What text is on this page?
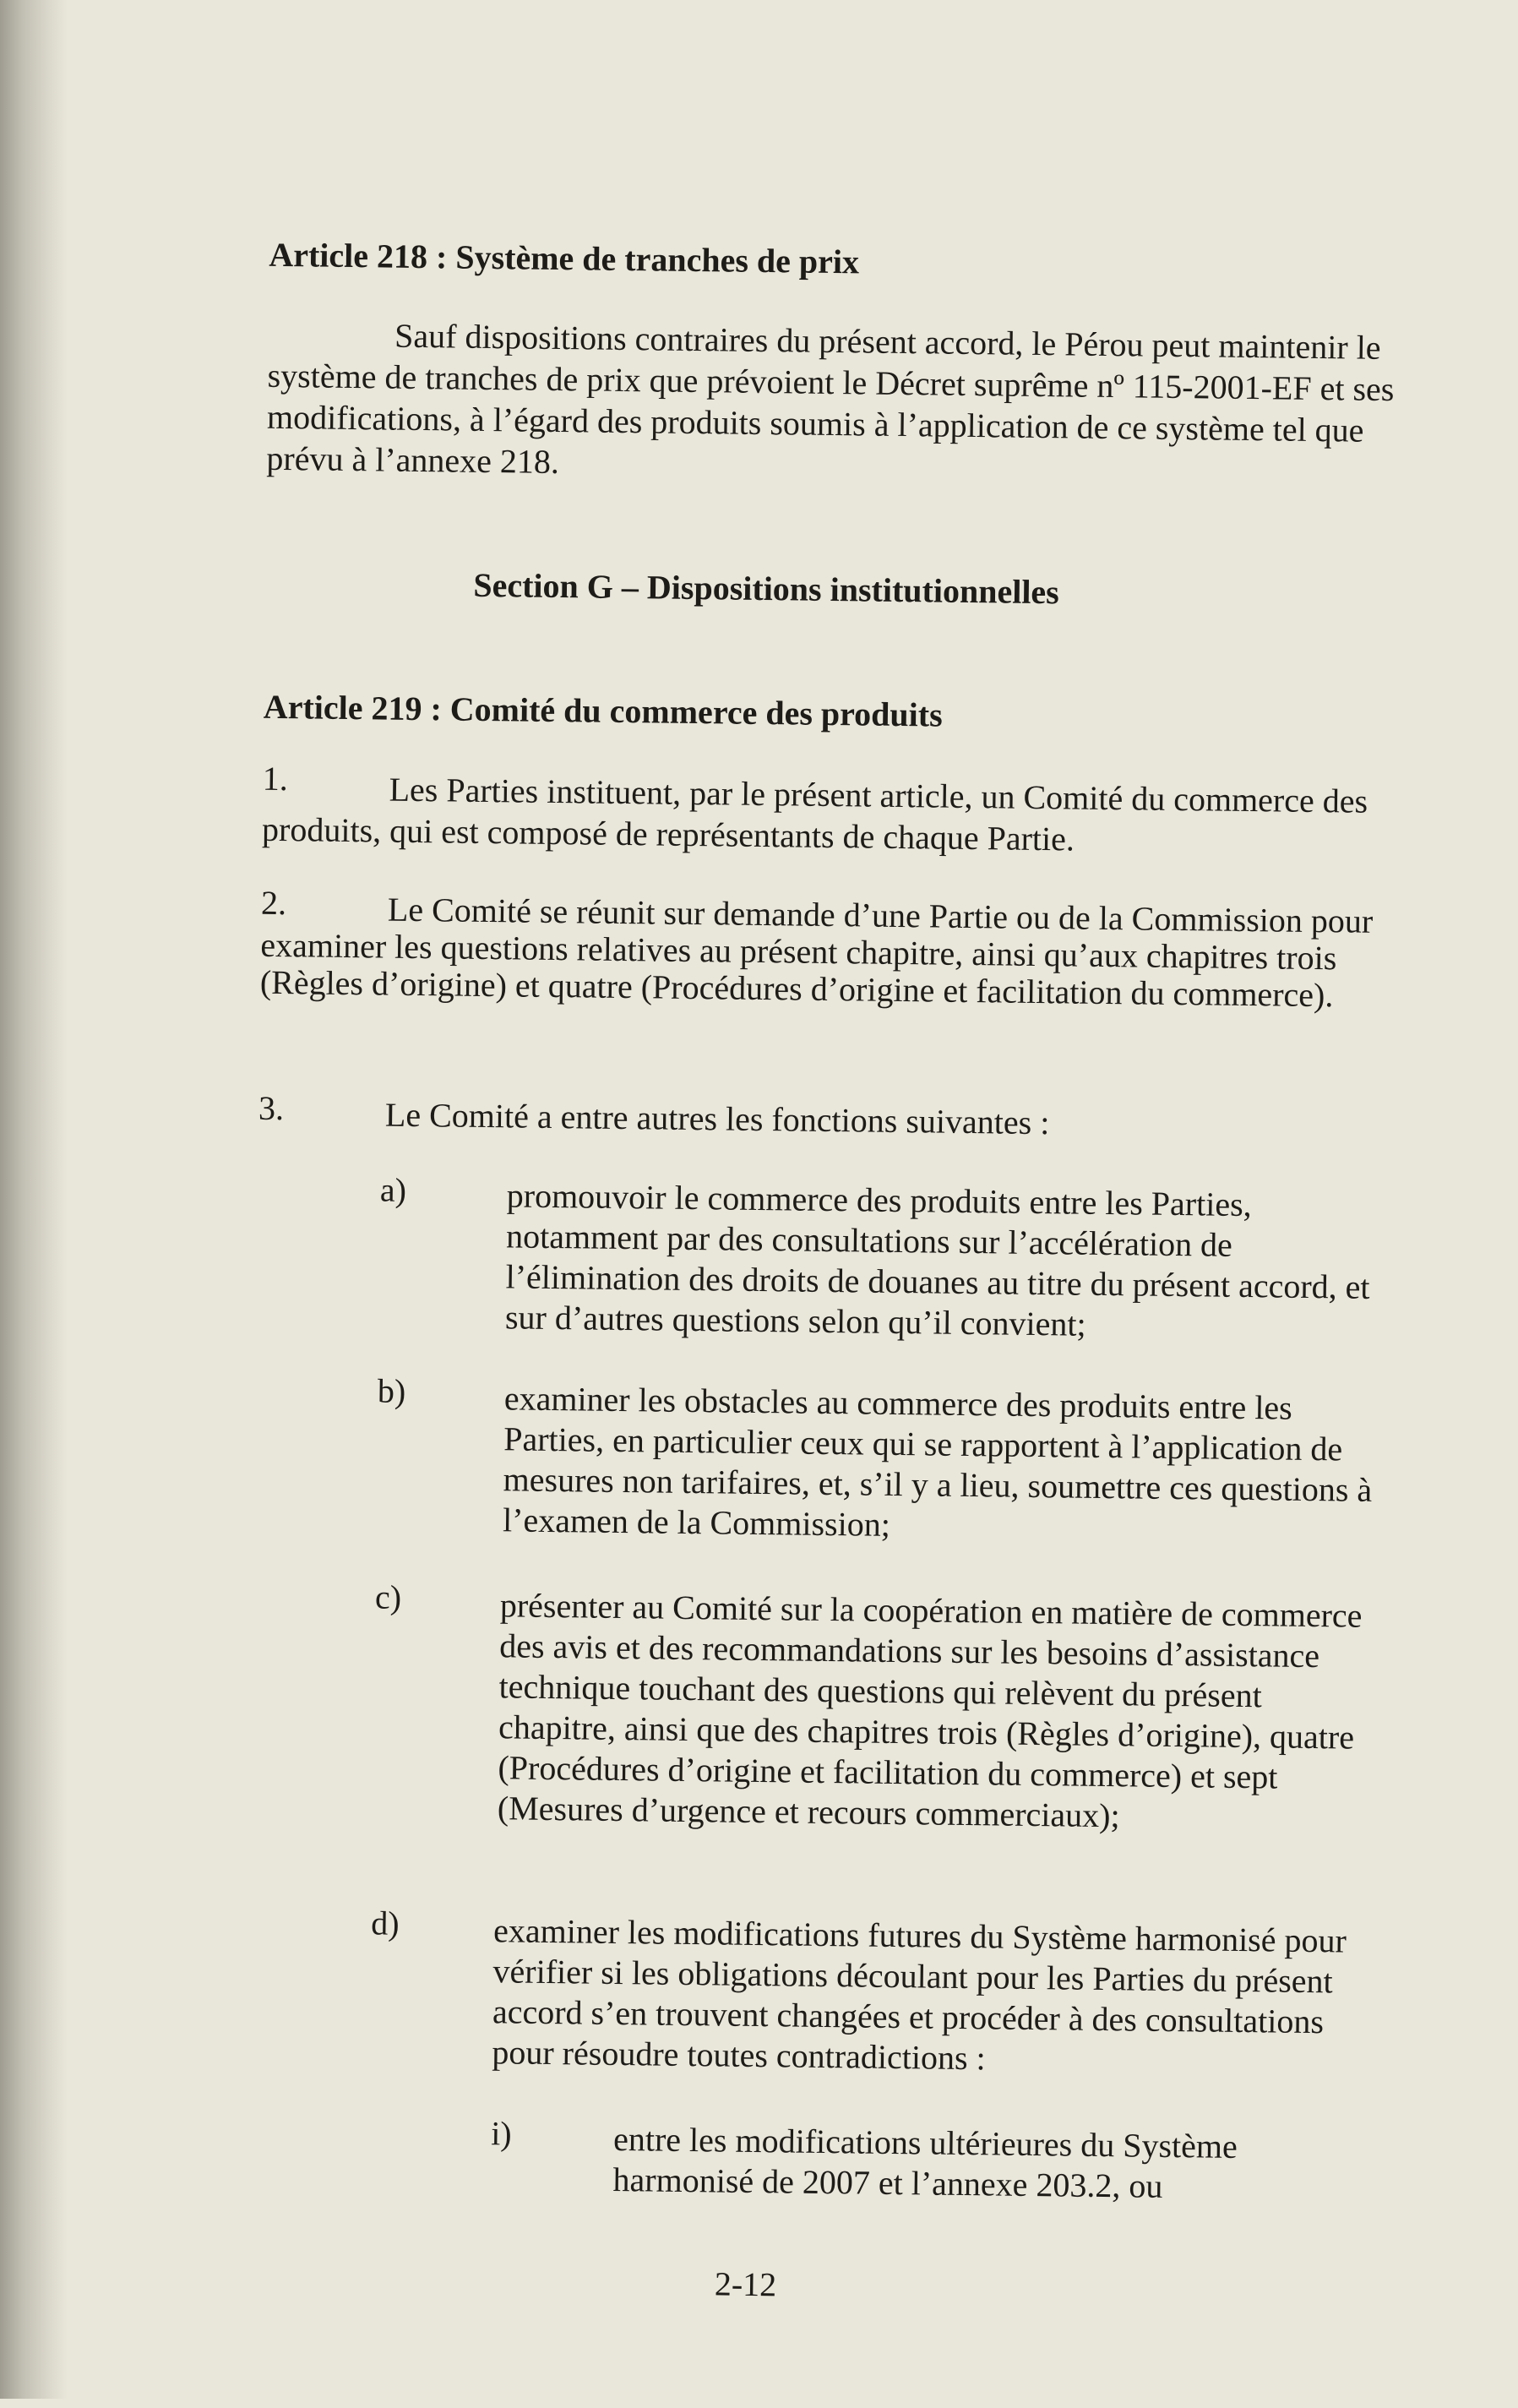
Article 218 : Système de tranches de prix
Sauf dispositions contraires du présent accord, le Pérou peut maintenir le système de tranches de prix que prévoient le Décret suprême nº 115-2001-EF et ses modifications, à l’égard des produits soumis à l’application de ce système tel que prévu à l’annexe 218.
Section G – Dispositions institutionnelles
Article 219 : Comité du commerce des produits
1.	Les Parties instituent, par le présent article, un Comité du commerce des produits, qui est composé de représentants de chaque Partie.
2.	Le Comité se réunit sur demande d’une Partie ou de la Commission pour examiner les questions relatives au présent chapitre, ainsi qu’aux chapitres trois (Règles d’origine) et quatre (Procédures d’origine et facilitation du commerce).
3.	Le Comité a entre autres les fonctions suivantes :
a)	promouvoir le commerce des produits entre les Parties, notamment par des consultations sur l’accélération de l’élimination des droits de douanes au titre du présent accord, et sur d’autres questions selon qu’il convient;
b)	examiner les obstacles au commerce des produits entre les Parties, en particulier ceux qui se rapportent à l’application de mesures non tarifaires, et, s’il y a lieu, soumettre ces questions à l’examen de la Commission;
c)	présenter au Comité sur la coopération en matière de commerce des avis et des recommandations sur les besoins d’assistance technique touchant des questions qui relèvent du présent chapitre, ainsi que des chapitres trois (Règles d’origine), quatre (Procédures d’origine et facilitation du commerce) et sept (Mesures d’urgence et recours commerciaux);
d)	examiner les modifications futures du Système harmonisé pour vérifier si les obligations découlant pour les Parties du présent accord s’en trouvent changées et procéder à des consultations pour résoudre toutes contradictions :
i)	entre les modifications ultérieures du Système harmonisé de 2007 et l’annexe 203.2, ou
2-12
